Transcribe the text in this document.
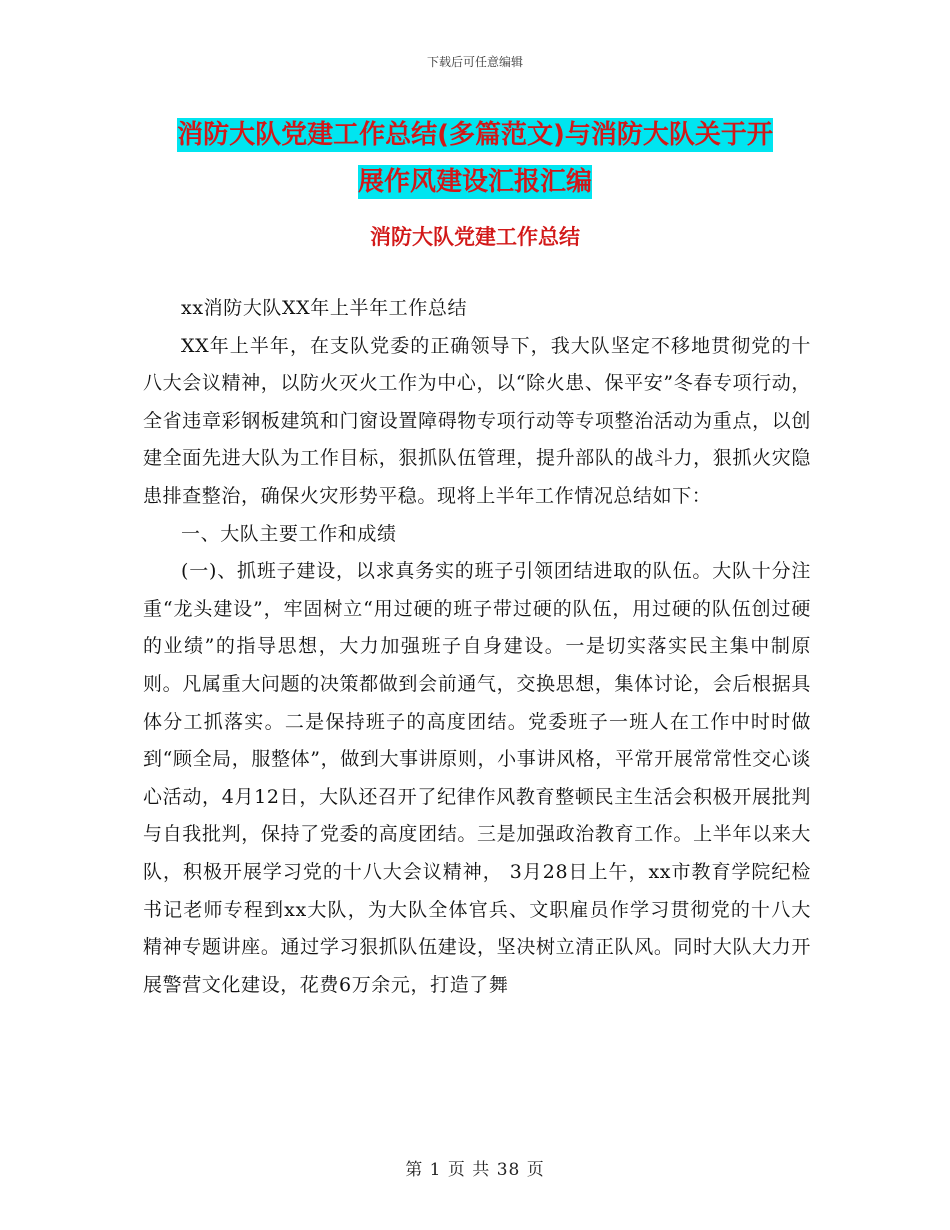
下载后可任意编辑
消防大队党建工作总结(多篇范文)与消防大队关于开
展作风建设汇报汇编
消防大队党建工作总结

xx消防大队XX年上半年工作总结

XX年上半年，在支队党委的正确领导下，我大队坚定不移地贯彻党的十八大会议精神，以防火灭火工作为中心，以“除火患、保平安”冬春专项行动，全省违章彩钢板建筑和门窗设置障碍物专项行动等专项整治活动为重点，以创建全面先进大队为工作目标，狠抓队伍管理，提升部队的战斗力，狠抓火灾隐患排查整治，确保火灾形势平稳。现将上半年工作情况总结如下：

一、大队主要工作和成绩

(一)、抓班子建设，以求真务实的班子引领团结进取的队伍。大队十分注重“龙头建设”，牢固树立“用过硬的班子带过硬的队伍，用过硬的队伍创过硬的业绩”的指导思想，大力加强班子自身建设。一是切实落实民主集中制原则。凡属重大问题的决策都做到会前通气，交换思想，集体讨论，会后根据具体分工抓落实。二是保持班子的高度团结。党委班子一班人在工作中时时做到“顾全局，服整体”，做到大事讲原则，小事讲风格，平常开展常常性交心谈心活动，4月12日，大队还召开了纪律作风教育整顿民主生活会积极开展批判与自我批判，保持了党委的高度团结。三是加强政治教育工作。上半年以来大队，积极开展学习党的十八大会议精神， 3月28日上午，xx市教育学院纪检书记老师专程到xx大队，为大队全体官兵、文职雇员作学习贯彻党的十八大精神专题讲座。通过学习狠抓队伍建设，坚决树立清正队风。同时大队大力开展警营文化建设，花费6万余元，打造了舞

第 1 页 共 38 页
